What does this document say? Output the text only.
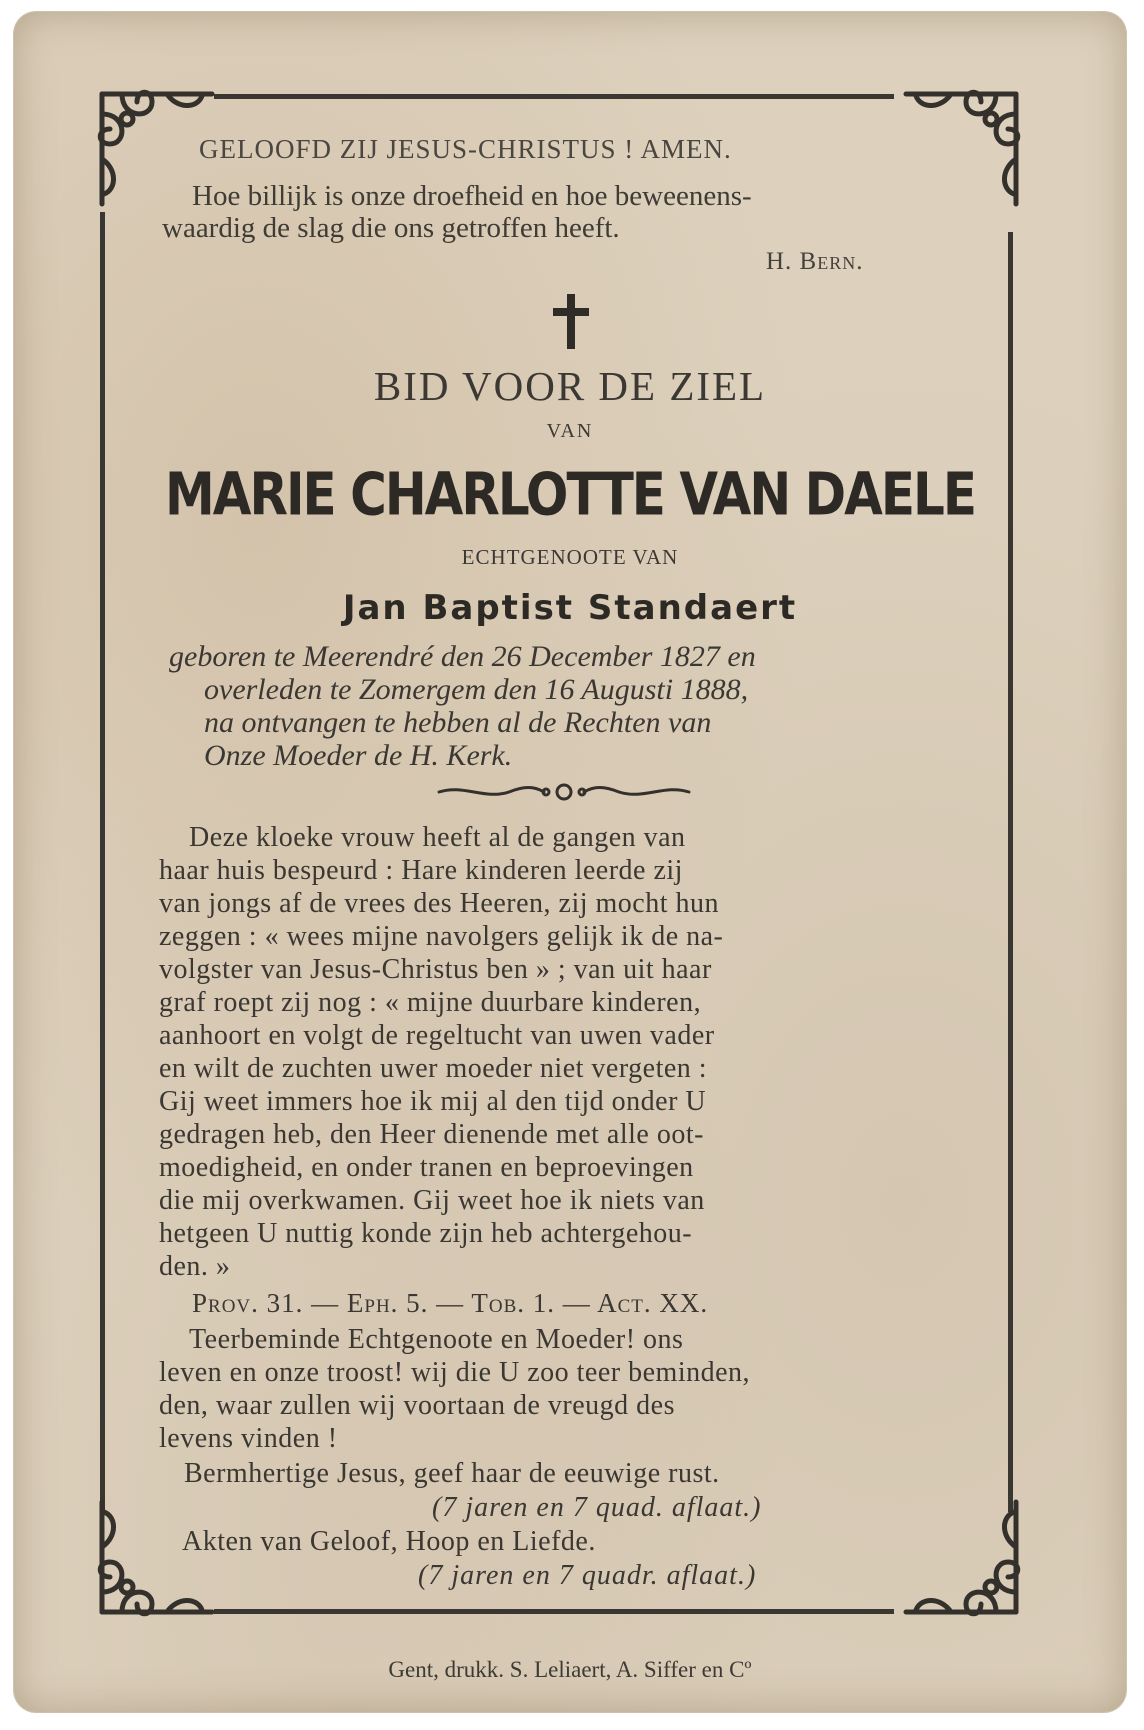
GELOOFD ZIJ JESUS-CHRISTUS ! AMEN.

Hoe billijk is onze droefheid en hoe beweenens-

waardig de slag die ons getroffen heeft.

H. Bern.

BID VOOR DE ZIEL

VAN

MARIE CHARLOTTE VAN DAELE

ECHTGENOOTE VAN

Jan Baptist Standaert

geboren te Meerendré den 26 December 1827 en

overleden te Zomergem den 16 Augusti 1888,

na ontvangen te hebben al de Rechten van

Onze Moeder de H. Kerk.

Deze kloeke vrouw heeft al de gangen van

haar huis bespeurd : Hare kinderen leerde zij

van jongs af de vrees des Heeren, zij mocht hun

zeggen : « wees mijne navolgers gelijk ik de na-

volgster van Jesus-Christus ben » ; van uit haar

graf roept zij nog : « mijne duurbare kinderen,

aanhoort en volgt de regeltucht van uwen vader

en wilt de zuchten uwer moeder niet vergeten :

Gij weet immers hoe ik mij al den tijd onder U

gedragen heb, den Heer dienende met alle oot-

moedigheid, en onder tranen en beproevingen

die mij overkwamen. Gij weet hoe ik niets van

hetgeen U nuttig konde zijn heb achtergehou-

den. »

Prov. 31. — Eph. 5. — Tob. 1. — Act. XX.

Teerbeminde Echtgenoote en Moeder! ons

leven en onze troost! wij die U zoo teer beminden,

den, waar zullen wij voortaan de vreugd des

levens vinden !

Bermhertige Jesus, geef haar de eeuwige rust.

(7 jaren en 7 quad. aflaat.)

Akten van Geloof, Hoop en Liefde.

(7 jaren en 7 quadr. aflaat.)

Gent, drukk. S. Leliaert, A. Siffer en Cº
